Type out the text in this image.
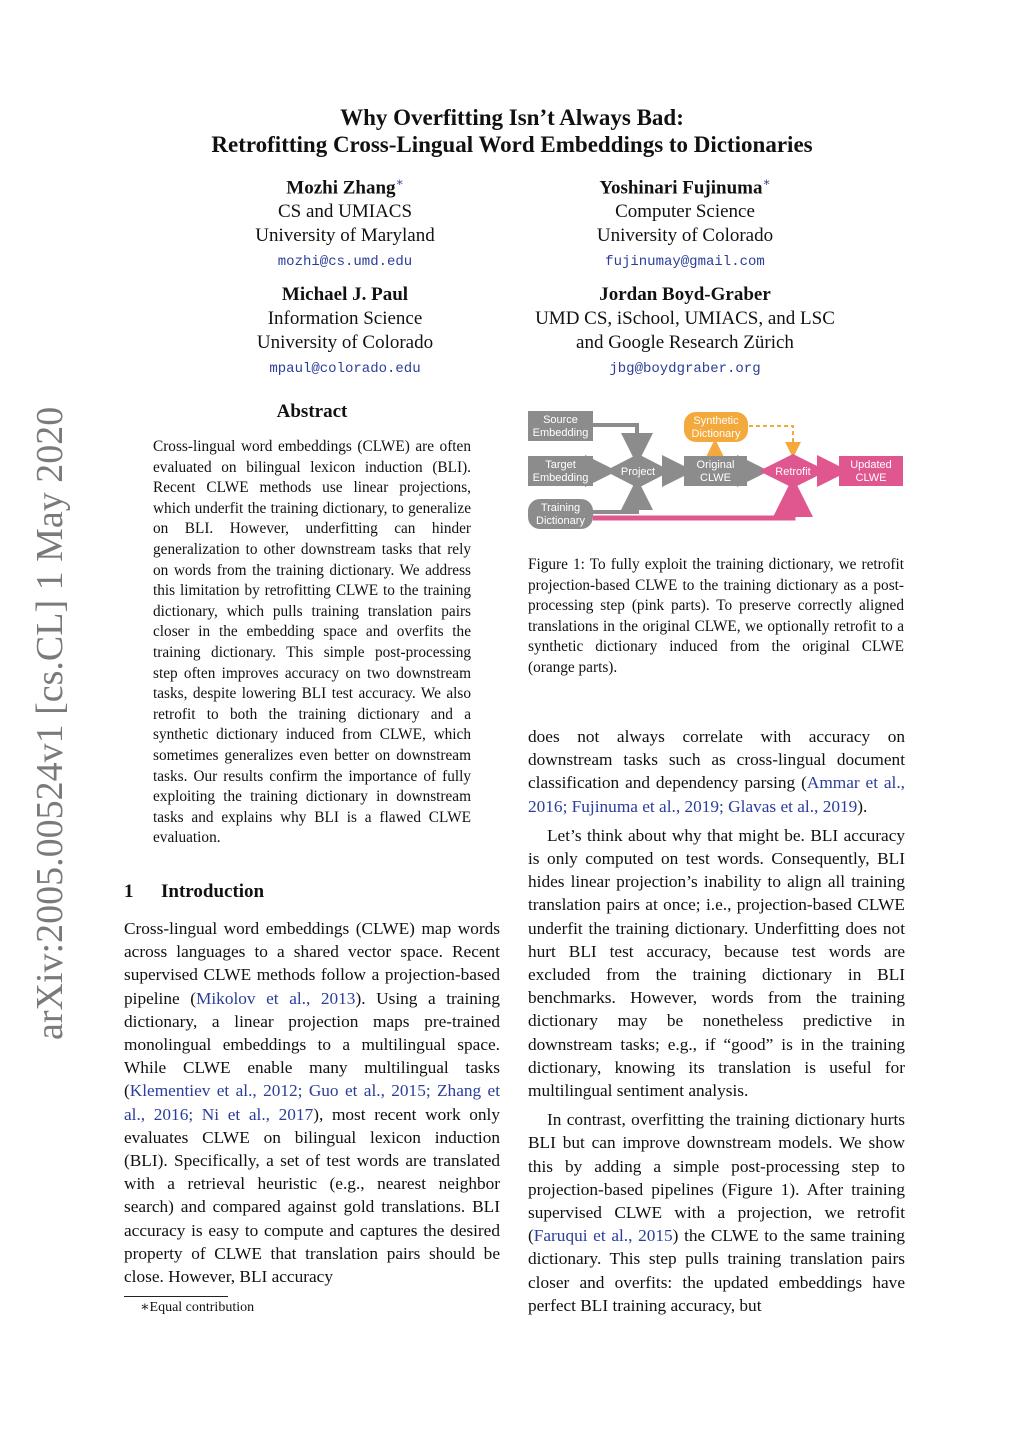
arXiv:2005.00524v1 [cs.CL] 1 May 2020
Why Overfitting Isn’t Always Bad:
Retrofitting Cross-Lingual Word Embeddings to Dictionaries
Mozhi Zhang∗
CS and UMIACS
University of Maryland
mozhi@cs.umd.edu
Yoshinari Fujinuma∗
Computer Science
University of Colorado
fujinumay@gmail.com
Michael J. Paul
Information Science
University of Colorado
mpaul@colorado.edu
Jordan Boyd-Graber
UMD CS, iSchool, UMIACS, and LSC
and Google Research Zürich
jbg@boydgraber.org
Abstract
Cross-lingual word embeddings (CLWE) are often evaluated on bilingual lexicon induction (BLI). Recent CLWE methods use linear projections, which underfit the training dictionary, to generalize on BLI. However, underfitting can hinder generalization to other downstream tasks that rely on words from the training dictionary. We address this limitation by retrofitting CLWE to the training dictionary, which pulls training translation pairs closer in the embedding space and overfits the training dictionary. This simple post-processing step often improves accuracy on two downstream tasks, despite lowering BLI test accuracy. We also retrofit to both the training dictionary and a synthetic dictionary induced from CLWE, which sometimes generalizes even better on downstream tasks. Our results confirm the importance of fully exploiting the training dictionary in downstream tasks and explains why BLI is a flawed CLWE evaluation.
1 Introduction

Cross-lingual word embeddings (CLWE) map words across languages to a shared vector space. Recent supervised CLWE methods follow a projection-based pipeline (Mikolov et al., 2013). Using a training dictionary, a linear projection maps pre-trained monolingual embeddings to a multilingual space. While CLWE enable many multilingual tasks (Klementiev et al., 2012; Guo et al., 2015; Zhang et al., 2016; Ni et al., 2017), most recent work only evaluates CLWE on bilingual lexicon induction (BLI). Specifically, a set of test words are translated with a retrieval heuristic (e.g., nearest neighbor search) and compared against gold translations. BLI accuracy is easy to compute and captures the desired property of CLWE that translation pairs should be close. However, BLI accuracy

∗Equal contribution
Source
Embedding
Target
Embedding
Training
Dictionary
Project
Synthetic
Dictionary
Original
CLWE	Retrofit
Updated
CLWE
Figure 1: To fully exploit the training dictionary, we retrofit projection-based CLWE to the training dictionary as a post-processing step (pink parts). To preserve correctly aligned translations in the original CLWE, we optionally retrofit to a synthetic dictionary induced from the original CLWE (orange parts).

does not always correlate with accuracy on downstream tasks such as cross-lingual document classification and dependency parsing (Ammar et al., 2016; Fujinuma et al., 2019; Glavas et al., 2019).

Let’s think about why that might be. BLI accuracy is only computed on test words. Consequently, BLI hides linear projection’s inability to align all training translation pairs at once; i.e., projection-based CLWE underfit the training dictionary. Underfitting does not hurt BLI test accuracy, because test words are excluded from the training dictionary in BLI benchmarks. However, words from the training dictionary may be nonetheless predictive in downstream tasks; e.g., if “good” is in the training dictionary, knowing its translation is useful for multilingual sentiment analysis.

In contrast, overfitting the training dictionary hurts BLI but can improve downstream models. We show this by adding a simple post-processing step to projection-based pipelines (Figure 1). After training supervised CLWE with a projection, we retrofit (Faruqui et al., 2015) the CLWE to the same training dictionary. This step pulls training translation pairs closer and overfits: the updated embeddings have perfect BLI training accuracy, but
